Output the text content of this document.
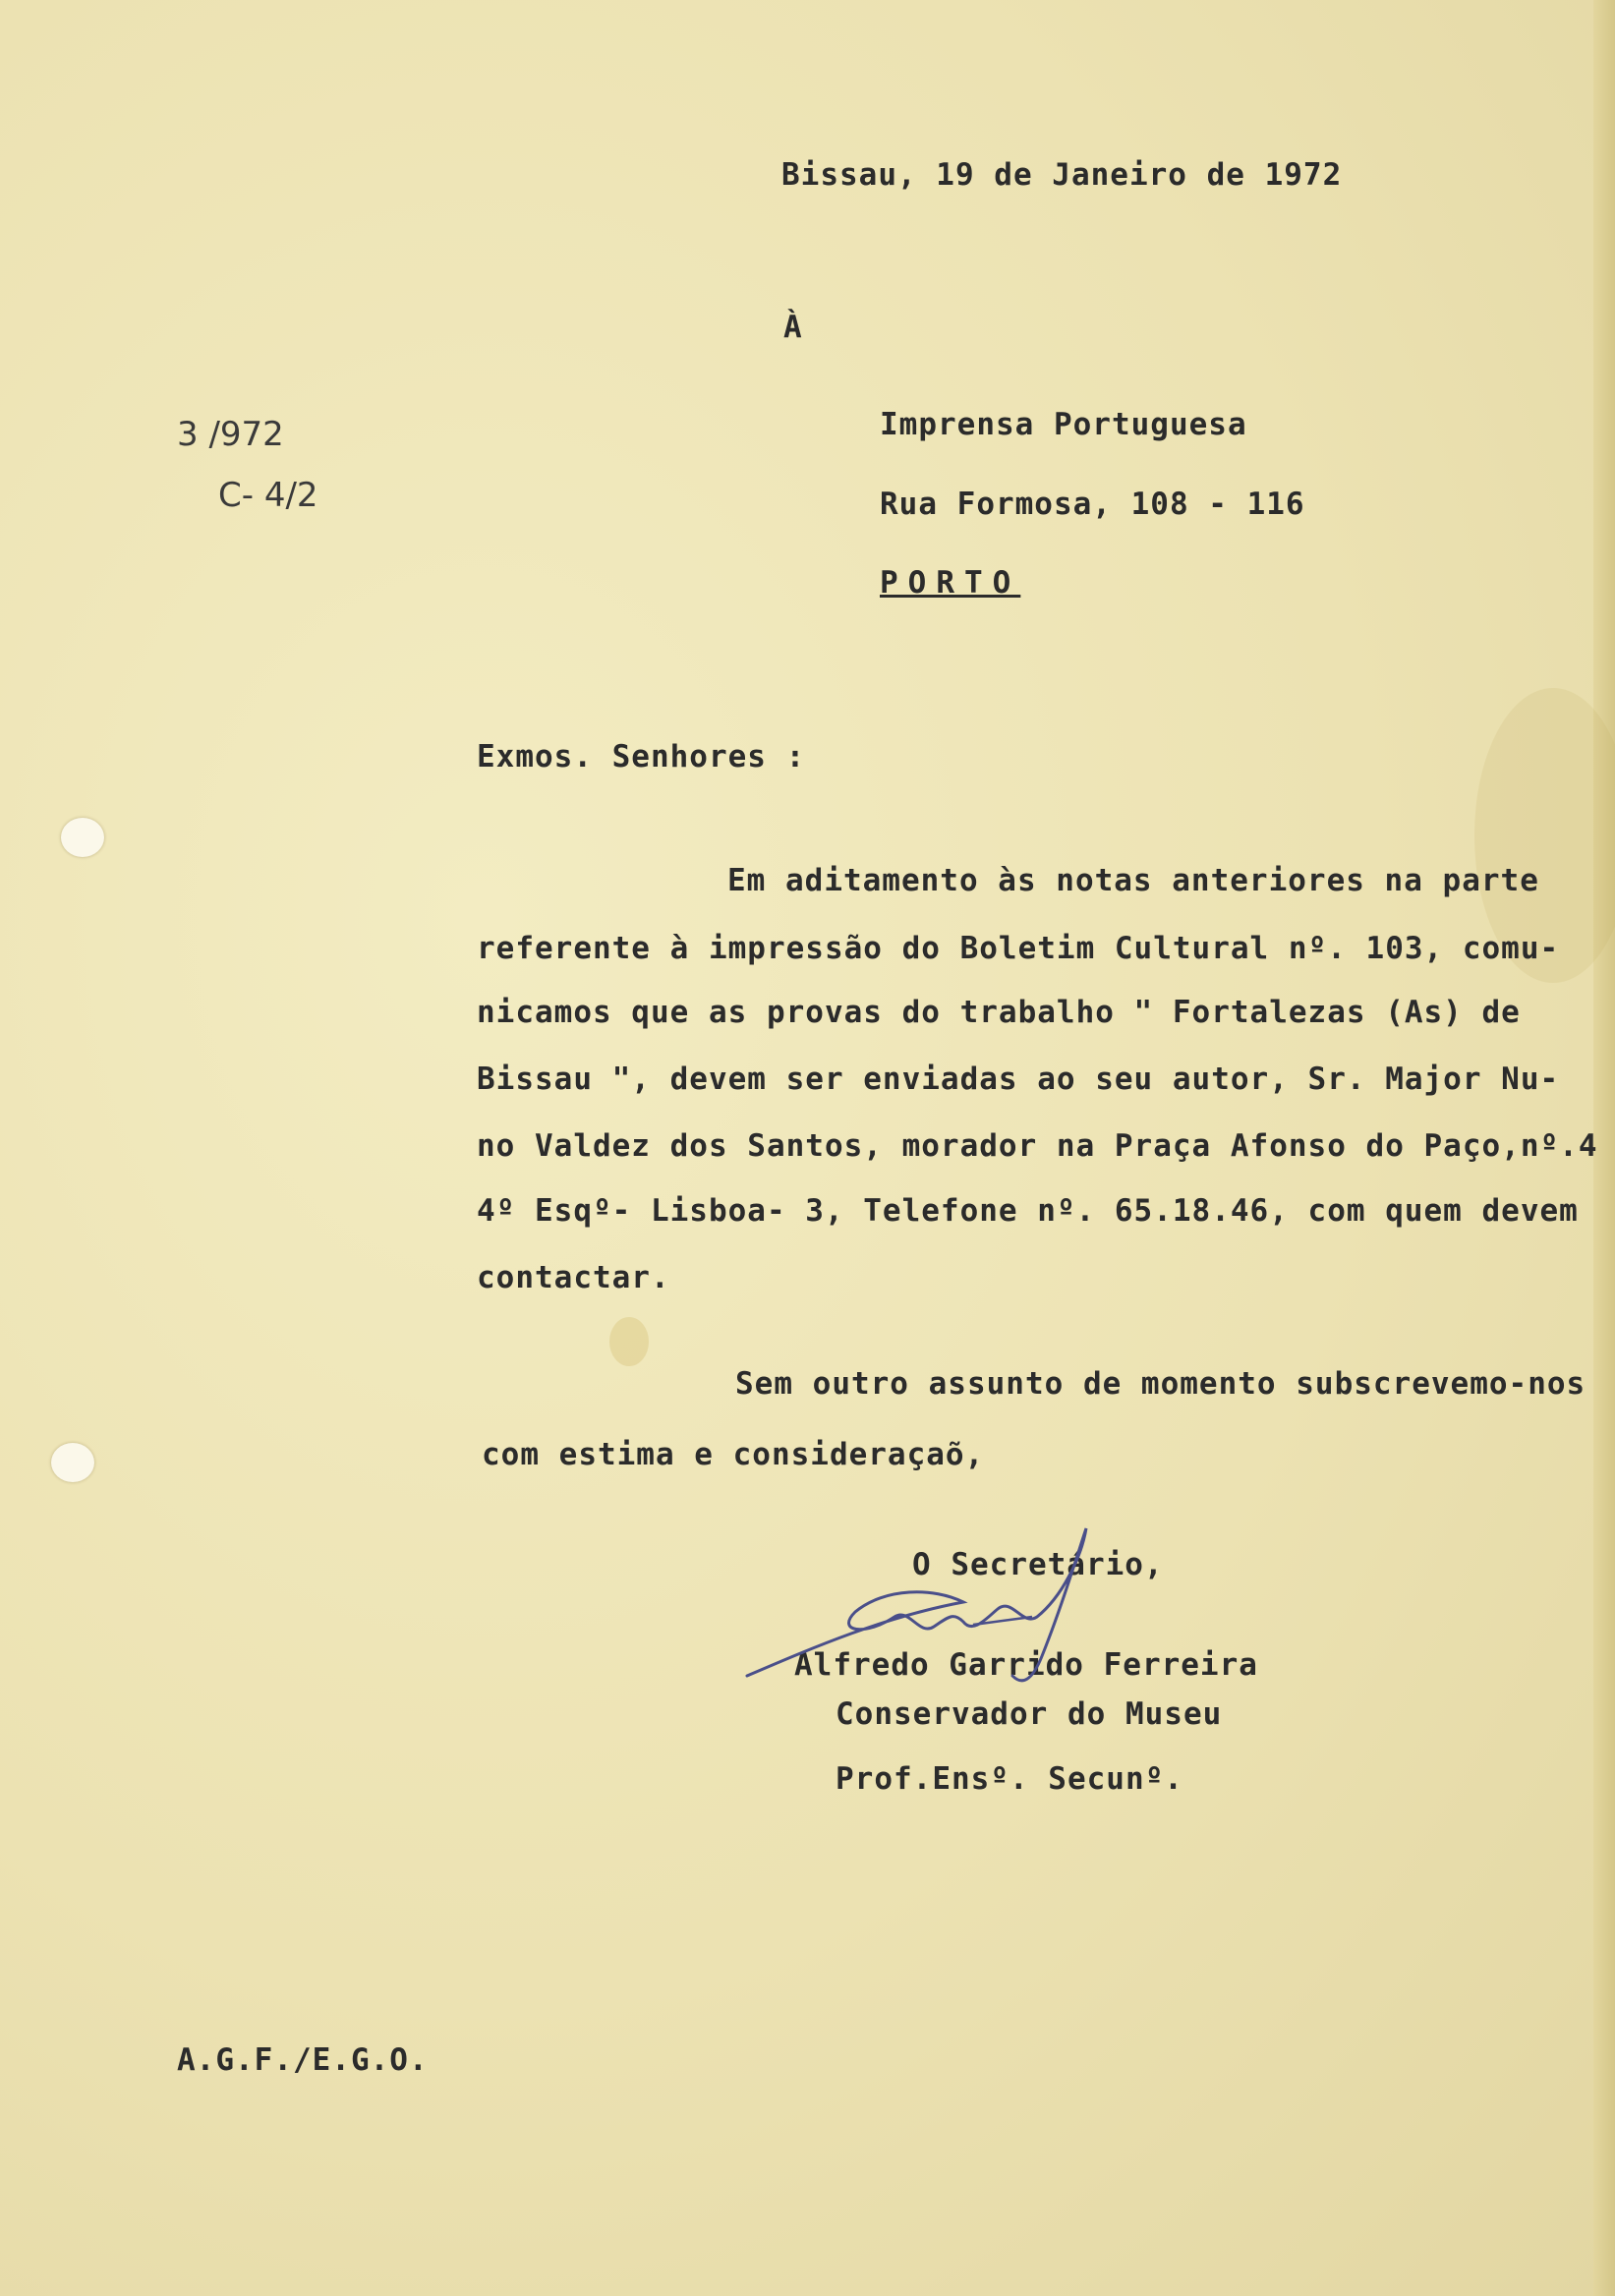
Bissau, 19 de Janeiro de 1972
À
3 /972
C- 4/2
Imprensa Portuguesa
Rua Formosa, 108 - 116
PORTO
Exmos. Senhores :
Em aditamento às notas anteriores na parte
referente à impressão do Boletim Cultural nº. 103, comu-
nicamos que as provas do trabalho " Fortalezas (As) de
Bissau ", devem ser enviadas ao seu autor, Sr. Major Nu-
no Valdez dos Santos, morador na Praça Afonso do Paço,nº.4
4º Esqº- Lisboa- 3, Telefone nº. 65.18.46, com quem devem
contactar.
Sem outro assunto de momento subscrevemo-nos
com estima e consideraçaõ,
O Secretário,
Alfredo Garrido Ferreira
Conservador do Museu
Prof.Ensº. Secunº.
A.G.F./E.G.O.
